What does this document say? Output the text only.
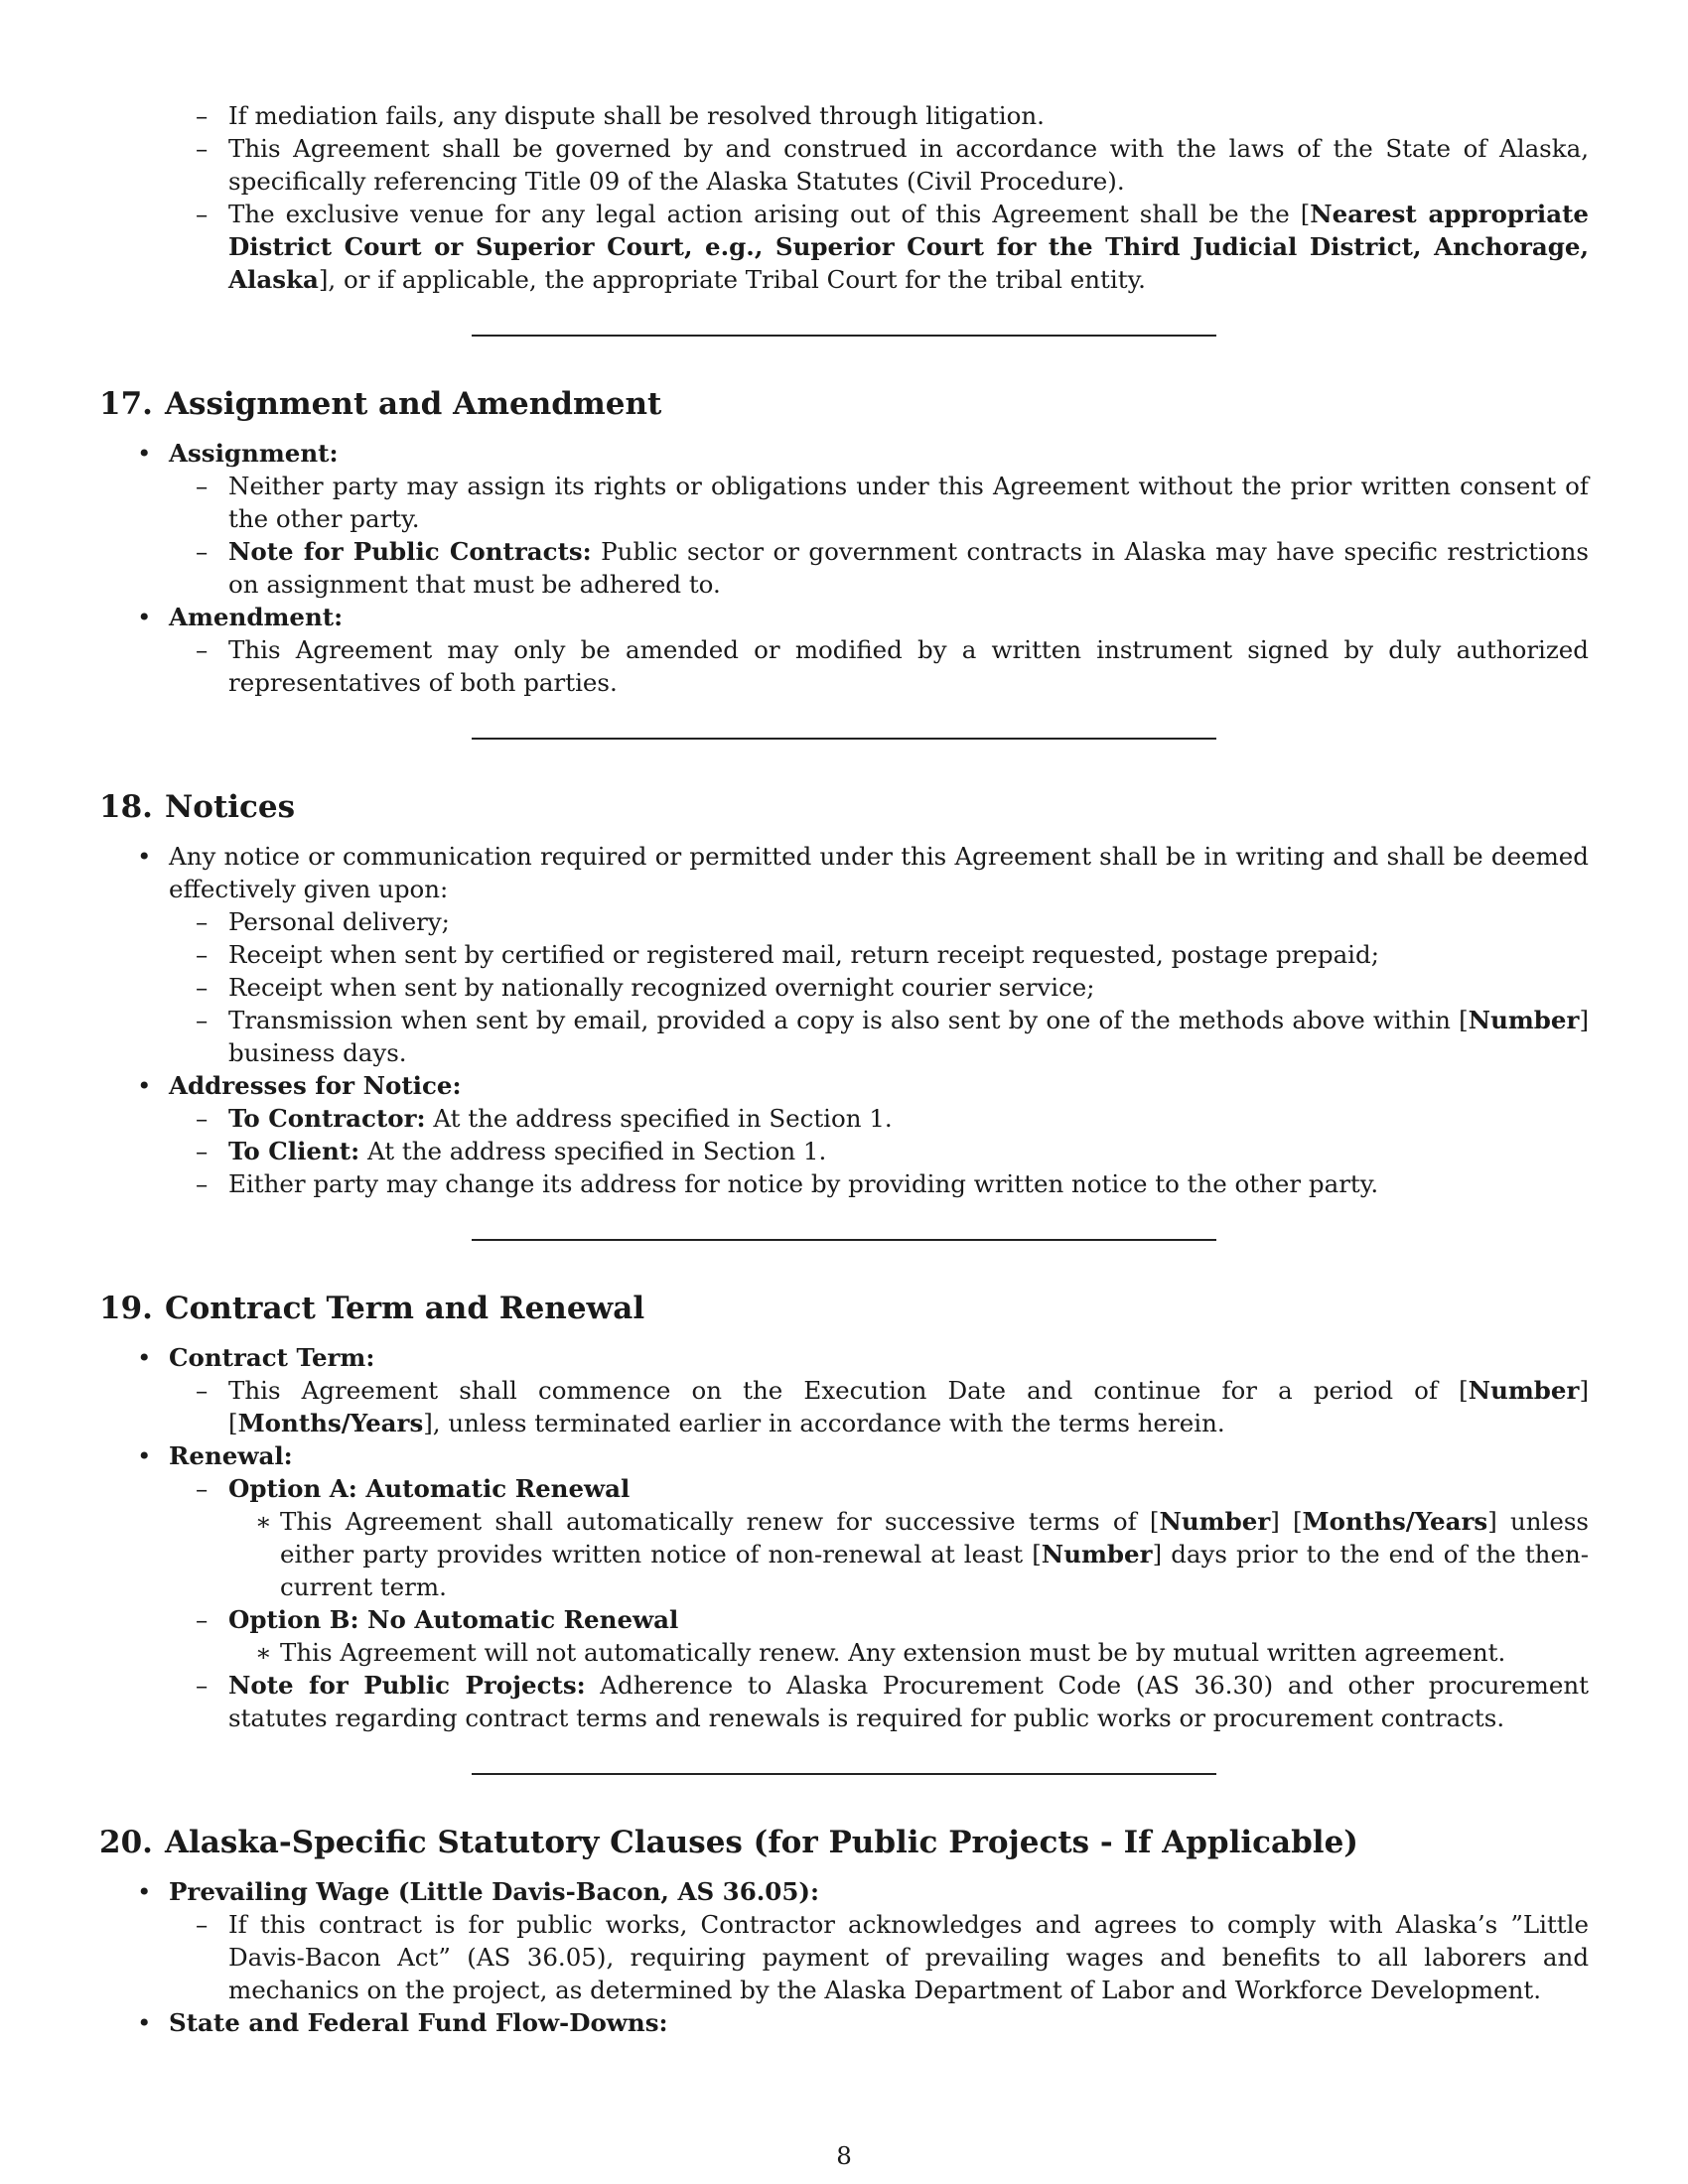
– If mediation fails, any dispute shall be resolved through litigation.
– This Agreement shall be governed by and construed in accordance with the laws of the State of Alaska, specifically referencing Title 09 of the Alaska Statutes (Civil Procedure).
– The exclusive venue for any legal action arising out of this Agreement shall be the [Nearest appropriate District Court or Superior Court, e.g., Superior Court for the Third Judicial District, Anchorage, Alaska], or if applicable, the appropriate Tribal Court for the tribal entity.
17. Assignment and Amendment
• Assignment:
– Neither party may assign its rights or obligations under this Agreement without the prior written consent of the other party.
– Note for Public Contracts: Public sector or government contracts in Alaska may have specific restrictions on assignment that must be adhered to.
• Amendment:
– This Agreement may only be amended or modified by a written instrument signed by duly authorized representatives of both parties.
18. Notices
• Any notice or communication required or permitted under this Agreement shall be in writing and shall be deemed effectively given upon:
– Personal delivery;
– Receipt when sent by certified or registered mail, return receipt requested, postage prepaid;
– Receipt when sent by nationally recognized overnight courier service;
– Transmission when sent by email, provided a copy is also sent by one of the methods above within [Number] business days.
• Addresses for Notice:
– To Contractor: At the address specified in Section 1.
– To Client: At the address specified in Section 1.
– Either party may change its address for notice by providing written notice to the other party.
19. Contract Term and Renewal
• Contract Term:
– This Agreement shall commence on the Execution Date and continue for a period of [Number] [Months/Years], unless terminated earlier in accordance with the terms herein.
• Renewal:
– Option A: Automatic Renewal
∗ This Agreement shall automatically renew for successive terms of [Number] [Months/Years] unless either party provides written notice of non-renewal at least [Number] days prior to the end of the then-current term.
– Option B: No Automatic Renewal
∗ This Agreement will not automatically renew. Any extension must be by mutual written agreement.
– Note for Public Projects: Adherence to Alaska Procurement Code (AS 36.30) and other procurement statutes regarding contract terms and renewals is required for public works or procurement contracts.
20. Alaska-Specific Statutory Clauses (for Public Projects - If Applicable)
• Prevailing Wage (Little Davis-Bacon, AS 36.05):
– If this contract is for public works, Contractor acknowledges and agrees to comply with Alaska’s ”Little Davis-Bacon Act” (AS 36.05), requiring payment of prevailing wages and benefits to all laborers and mechanics on the project, as determined by the Alaska Department of Labor and Workforce Development.
• State and Federal Fund Flow-Downs:
8
